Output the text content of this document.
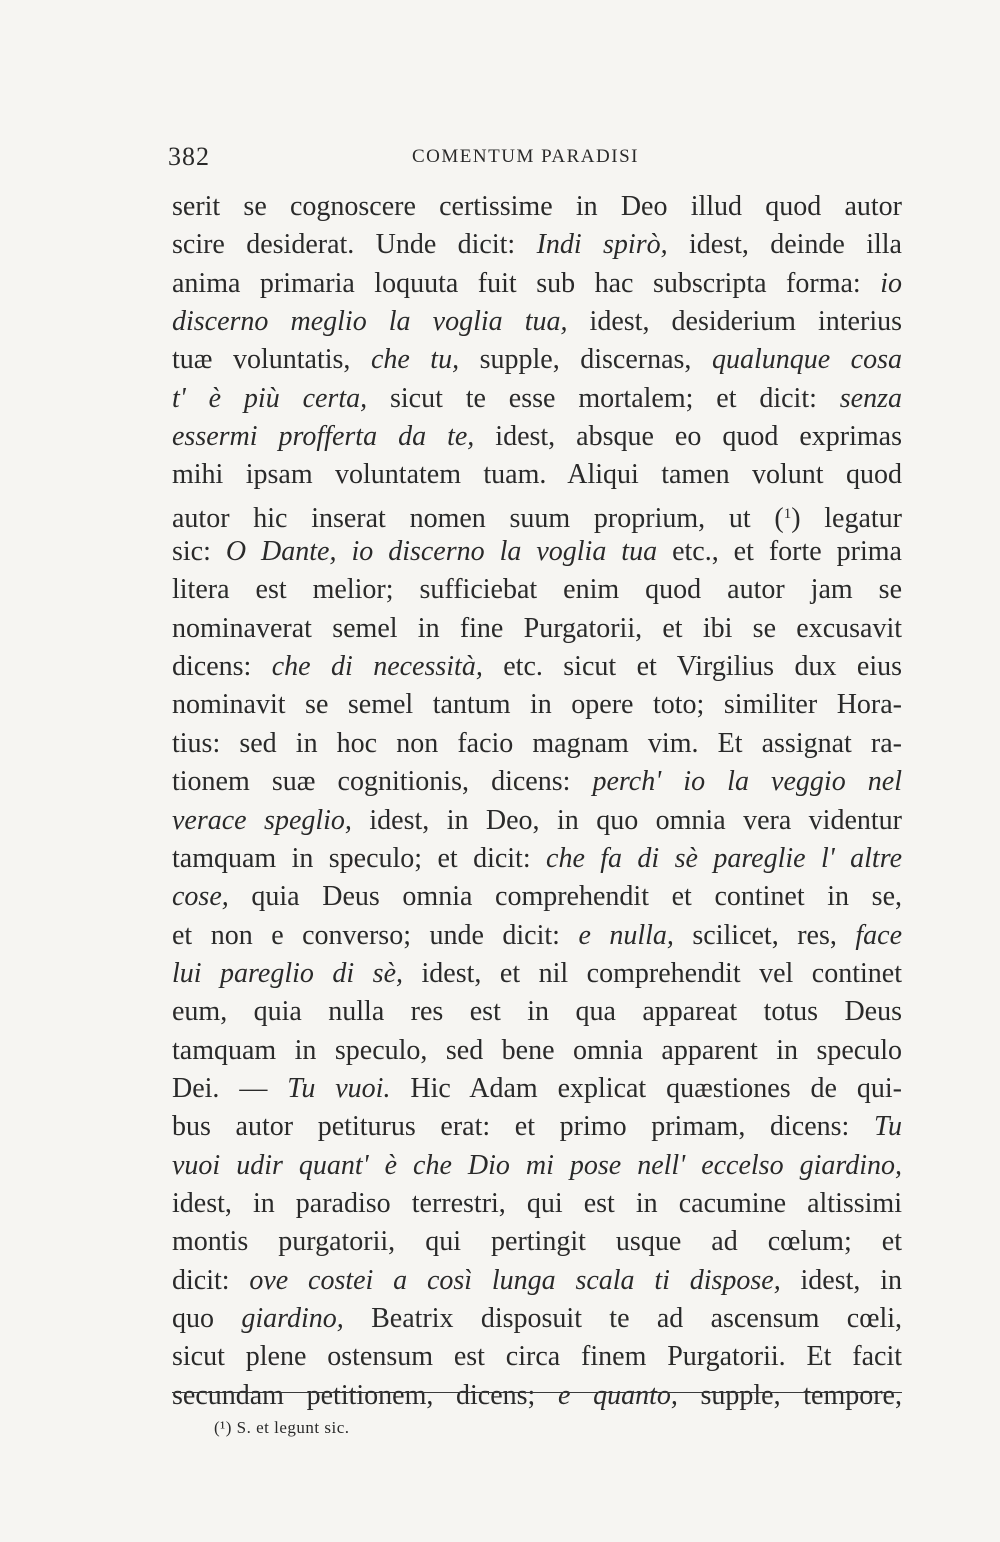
382	COMENTUM PARADISI
serit se cognoscere certissime in Deo illud quod autor
scire desiderat. Unde dicit: Indi spirò, idest, deinde illa
anima primaria loquuta fuit sub hac subscripta forma: io
discerno meglio la voglia tua, idest, desiderium interius
tuæ voluntatis, che tu, supple, discernas, qualunque cosa
t' è più certa, sicut te esse mortalem; et dicit: senza
essermi profferta da te, idest, absque eo quod exprimas
mihi ipsam voluntatem tuam. Aliqui tamen volunt quod
autor hic inserat nomen suum proprium, ut ($^1$) legatur
sic: O Dante, io discerno la voglia tua etc., et forte prima
litera est melior; sufficiebat enim quod autor jam se
nominaverat semel in fine Purgatorii, et ibi se excusavit
dicens: che di necessità, etc. sicut et Virgilius dux eius
nominavit se semel tantum in opere toto; similiter Hora-
tius: sed in hoc non facio magnam vim. Et assignat ra-
tionem suæ cognitionis, dicens: perch' io la veggio nel
verace speglio, idest, in Deo, in quo omnia vera videntur
tamquam in speculo; et dicit: che fa di sè pareglie l' altre
cose, quia Deus omnia comprehendit et continet in se,
et non e converso; unde dicit: e nulla, scilicet, res, face
lui pareglio di sè, idest, et nil comprehendit vel continet
eum, quia nulla res est in qua appareat totus Deus
tamquam in speculo, sed bene omnia apparent in speculo
Dei. — Tu vuoi. Hic Adam explicat quæstiones de qui-
bus autor petiturus erat: et primo primam, dicens: Tu
vuoi udir quant' è che Dio mi pose nell' eccelso giardino,
idest, in paradiso terrestri, qui est in cacumine altissimi
montis purgatorii, qui pertingit usque ad cœlum; et
dicit: ove costei a così lunga scala ti dispose, idest, in
quo giardino, Beatrix disposuit te ad ascensum cœli,
sicut plene ostensum est circa finem Purgatorii. Et facit
secundam petitionem, dicens; e quanto, supple, tempore,
(¹) S. et legunt sic.
